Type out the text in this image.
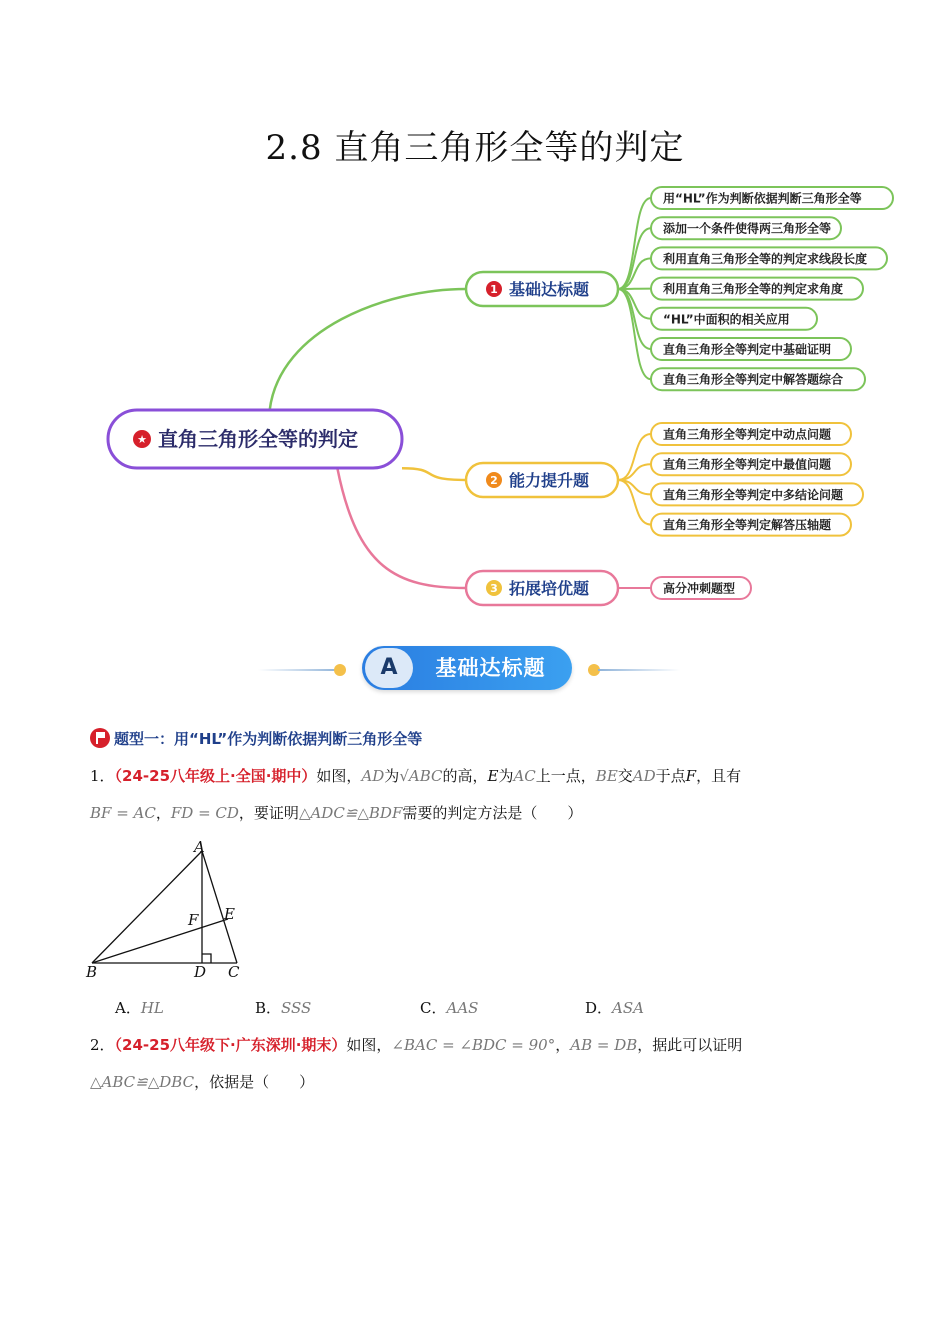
2.8 直角三角形全等的判定
★ 直角三角形全等的判定
1 基础达标题
用“HL”作为判断依据判断三角形全等
添加一个条件使得两三角形全等
利用直角三角形全等的判定求线段长度
利用直角三角形全等的判定求角度
“HL”中面积的相关应用
直角三角形全等判定中基础证明
直角三角形全等判定中解答题综合
2 能力提升题
直角三角形全等判定中动点问题
直角三角形全等判定中最值问题
直角三角形全等判定中多结论问题
直角三角形全等判定解答压轴题
3 拓展培优题	高分冲刺题型
A	基础达标题
题型一：用“HL”作为判断依据判断三角形全等
1．（24-25八年级上·全国·期中）如图，AD为√ABC的高，E为AC上一点，BE交AD于点F，且有
BF = AC，FD = CD，要证明△ADC≌△BDF需要的判定方法是（　　）
A
B	C
D
E
F
A．HL	B．SSS	C．AAS	D．ASA
2．（24-25八年级下·广东深圳·期末）如图，∠BAC = ∠BDC = 90°，AB = DB，据此可以证明
△ABC≌△DBC，依据是（　　）
